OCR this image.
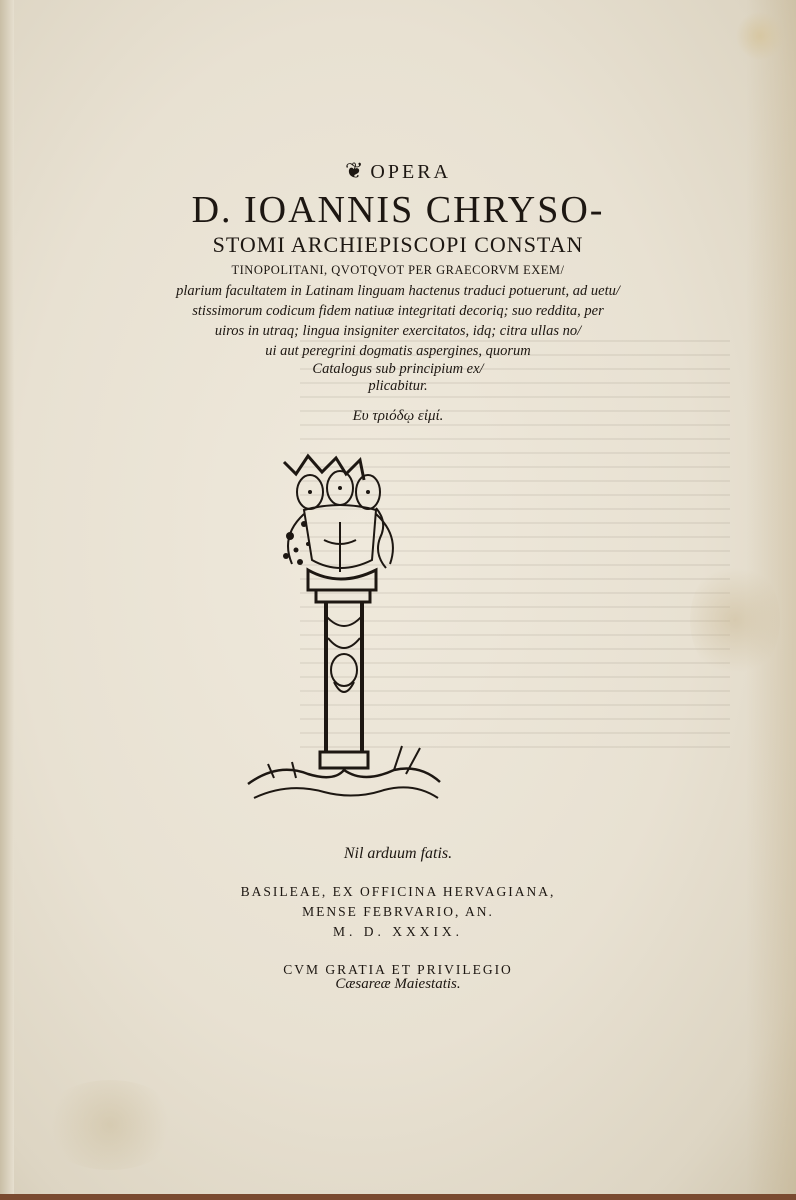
❦ OPERA
D. IOANNIS CHRYSO-
STOMI ARCHIEPISCOPI CONSTAN
TINOPOLITANI, QVOTQVOT PER GRAECORVM EXEM/
plarium facultatem in Latinam linguam hactenus traduci potuerunt, ad uetu/
stissimorum codicum fidem natiuæ integritati decoriq; suo reddita, per
uiros in utraq; lingua insigniter exercitatos, idq; citra ullas no/
ui aut peregrini dogmatis aspergines, quorum
Catalogus sub principium ex/
plicabitur.
Ευ τριόδῳ εἰμί.
Nil arduum fatis.
BASILEAE, EX OFFICINA HERVAGIANA,
MENSE FEBRVARIO, AN.
M. D. XXXIX.
CVM GRATIA ET PRIVILEGIO
Cæsareæ Maiestatis.
